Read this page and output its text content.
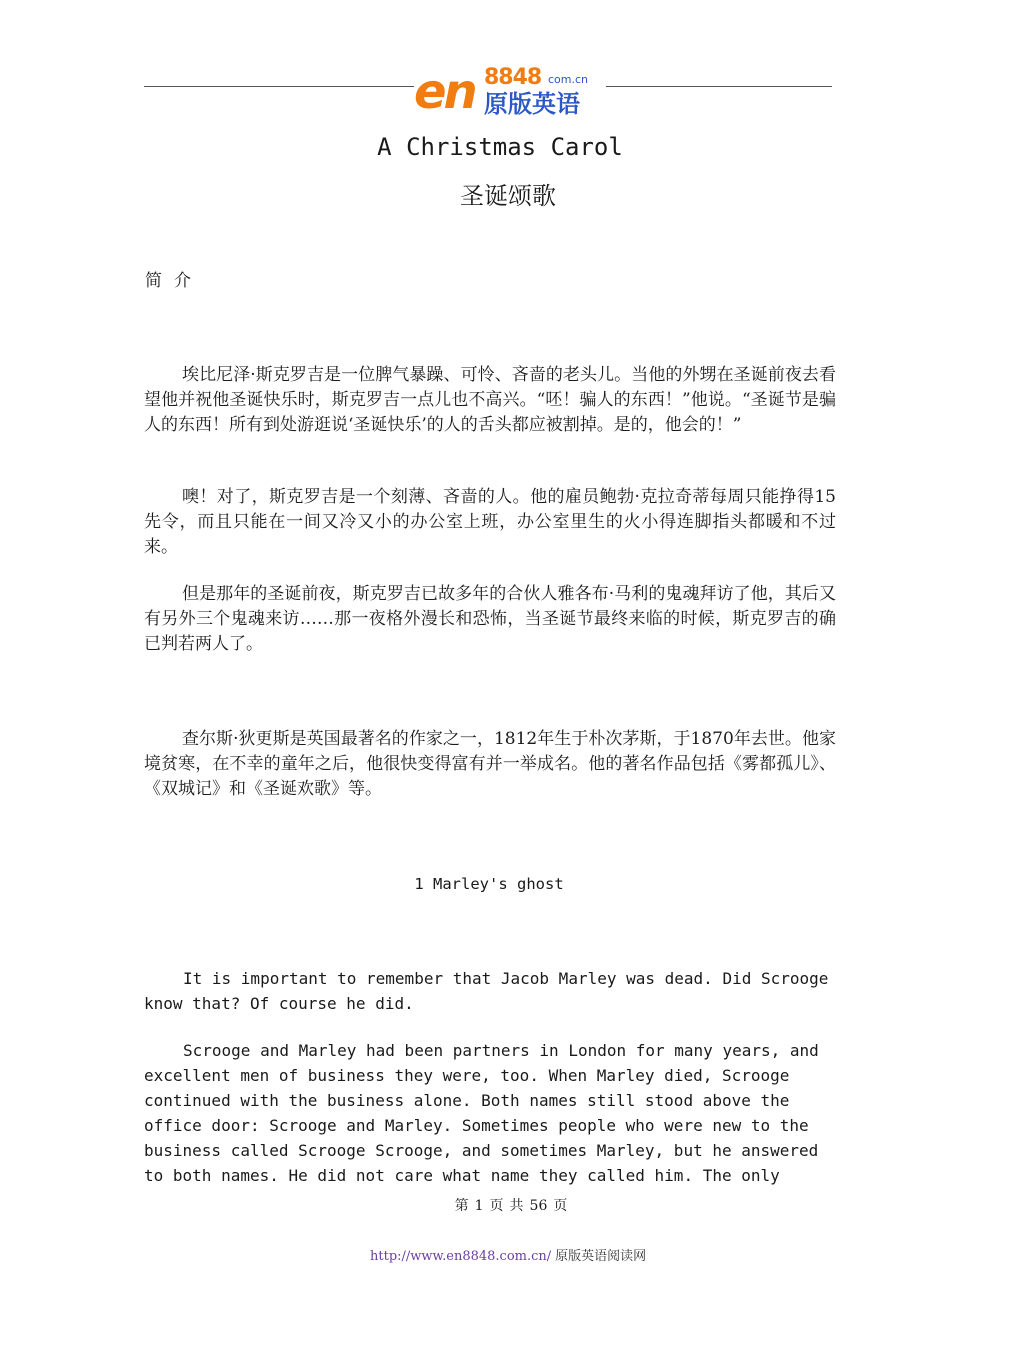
en 8848 com.cn
原版英语
A Christmas Carol
圣诞颂歌
简介

埃比尼泽·斯克罗吉是一位脾气暴躁、可怜、吝啬的老头儿。当他的外甥在圣诞前夜去看望他并祝他圣诞快乐时，斯克罗吉一点儿也不高兴。“呸！骗人的东西！”他说。“圣诞节是骗人的东西！所有到处游逛说‘圣诞快乐’的人的舌头都应被割掉。是的，他会的！”

噢！对了，斯克罗吉是一个刻薄、吝啬的人。他的雇员鲍勃·克拉奇蒂每周只能挣得15先令，而且只能在一间又冷又小的办公室上班，办公室里生的火小得连脚指头都暖和不过来。

但是那年的圣诞前夜，斯克罗吉已故多年的合伙人雅各布·马利的鬼魂拜访了他，其后又有另外三个鬼魂来访……那一夜格外漫长和恐怖，当圣诞节最终来临的时候，斯克罗吉的确已判若两人了。

查尔斯·狄更斯是英国最著名的作家之一，1812年生于朴次茅斯，于1870年去世。他家境贫寒，在不幸的童年之后，他很快变得富有并一举成名。他的著名作品包括《雾都孤儿》、《双城记》和《圣诞欢歌》等。

1 Marley's ghost

It is important to remember that Jacob Marley was dead. Did Scrooge know that? Of course he did.

Scrooge and Marley had been partners in London for many years, and excellent men of business they were, too. When Marley died, Scrooge continued with the business alone. Both names still stood above the office door: Scrooge and Marley. Sometimes people who were new to the business called Scrooge Scrooge, and sometimes Marley, but he answered to both names. He did not care what name they called him. The only

第 1 页 共 56 页
http://www.en8848.com.cn/ 原版英语阅读网
